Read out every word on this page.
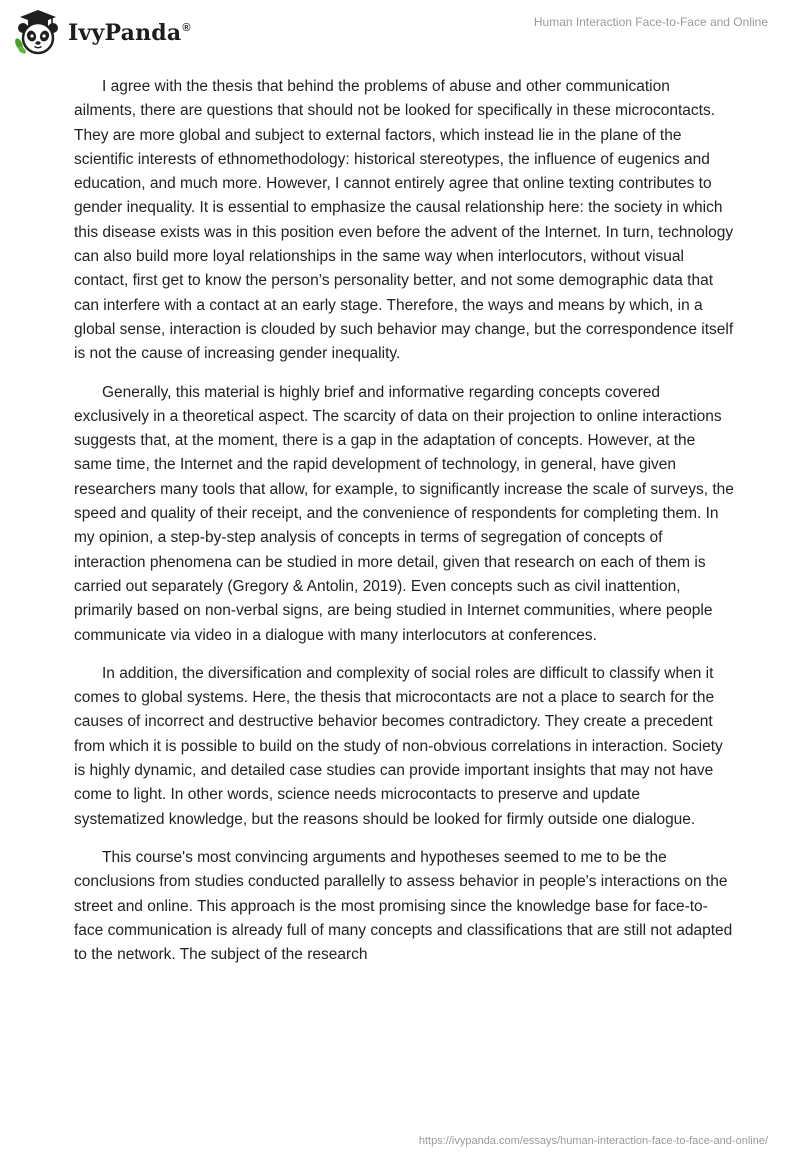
IvyPanda®	Human Interaction Face-to-Face and Online

I agree with the thesis that behind the problems of abuse and other communication ailments, there are questions that should not be looked for specifically in these microcontacts. They are more global and subject to external factors, which instead lie in the plane of the scientific interests of ethnomethodology: historical stereotypes, the influence of eugenics and education, and much more. However, I cannot entirely agree that online texting contributes to gender inequality. It is essential to emphasize the causal relationship here: the society in which this disease exists was in this position even before the advent of the Internet. In turn, technology can also build more loyal relationships in the same way when interlocutors, without visual contact, first get to know the person’s personality better, and not some demographic data that can interfere with a contact at an early stage. Therefore, the ways and means by which, in a global sense, interaction is clouded by such behavior may change, but the correspondence itself is not the cause of increasing gender inequality.

Generally, this material is highly brief and informative regarding concepts covered exclusively in a theoretical aspect. The scarcity of data on their projection to online interactions suggests that, at the moment, there is a gap in the adaptation of concepts. However, at the same time, the Internet and the rapid development of technology, in general, have given researchers many tools that allow, for example, to significantly increase the scale of surveys, the speed and quality of their receipt, and the convenience of respondents for completing them. In my opinion, a step-by-step analysis of concepts in terms of segregation of concepts of interaction phenomena can be studied in more detail, given that research on each of them is carried out separately (Gregory & Antolin, 2019). Even concepts such as civil inattention, primarily based on non-verbal signs, are being studied in Internet communities, where people communicate via video in a dialogue with many interlocutors at conferences.

In addition, the diversification and complexity of social roles are difficult to classify when it comes to global systems. Here, the thesis that microcontacts are not a place to search for the causes of incorrect and destructive behavior becomes contradictory. They create a precedent from which it is possible to build on the study of non-obvious correlations in interaction. Society is highly dynamic, and detailed case studies can provide important insights that may not have come to light. In other words, science needs microcontacts to preserve and update systematized knowledge, but the reasons should be looked for firmly outside one dialogue.

This course's most convincing arguments and hypotheses seemed to me to be the conclusions from studies conducted parallelly to assess behavior in people's interactions on the street and online. This approach is the most promising since the knowledge base for face-to-face communication is already full of many concepts and classifications that are still not adapted to the network. The subject of the research

https://ivypanda.com/essays/human-interaction-face-to-face-and-online/
